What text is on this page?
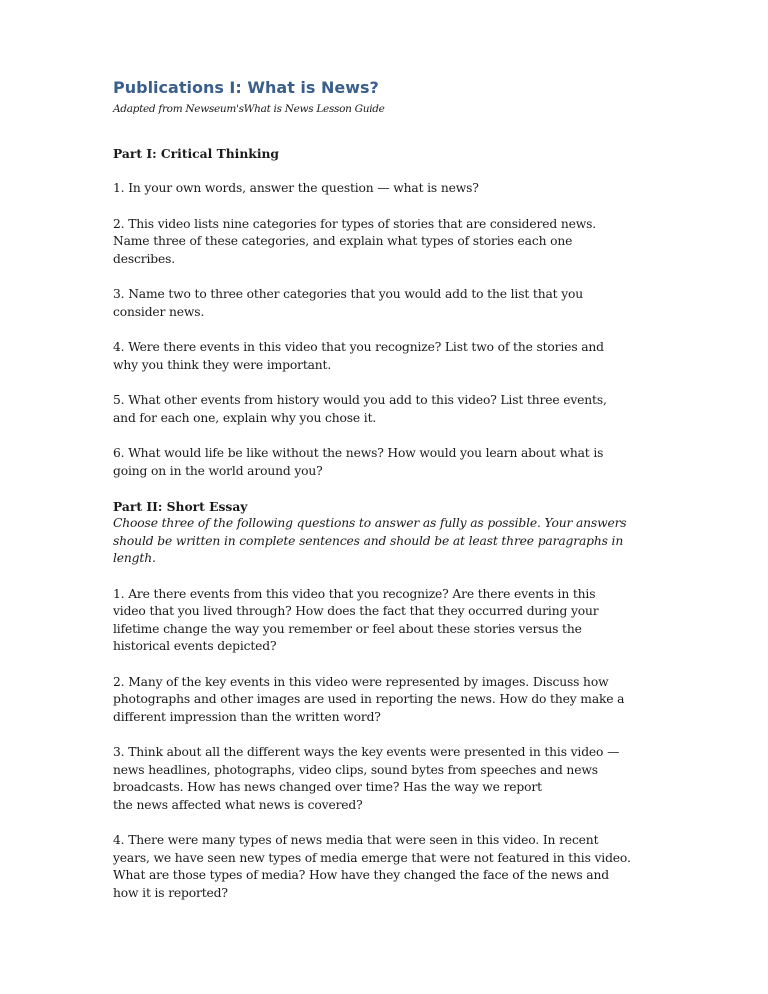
Publications I: What is News?

Adapted from Newseum'sWhat is News Lesson Guide

Part I: Critical Thinking

1. In your own words, answer the question — what is news?

2. This video lists nine categories for types of stories that are considered news.
Name three of these categories, and explain what types of stories each one
describes.

3. Name two to three other categories that you would add to the list that you
consider news.

4. Were there events in this video that you recognize? List two of the stories and
why you think they were important.

5. What other events from history would you add to this video? List three events,
and for each one, explain why you chose it.

6. What would life be like without the news? How would you learn about what is
going on in the world around you?

Part II: Short Essay

Choose three of the following questions to answer as fully as possible. Your answers
should be written in complete sentences and should be at least three paragraphs in
length.

1. Are there events from this video that you recognize? Are there events in this
video that you lived through? How does the fact that they occurred during your
lifetime change the way you remember or feel about these stories versus the
historical events depicted?

2. Many of the key events in this video were represented by images. Discuss how
photographs and other images are used in reporting the news. How do they make a
different impression than the written word?

3. Think about all the different ways the key events were presented in this video —
news headlines, photographs, video clips, sound bytes from speeches and news
broadcasts. How has news changed over time? Has the way we report
the news affected what news is covered?

4. There were many types of news media that were seen in this video. In recent
years, we have seen new types of media emerge that were not featured in this video.
What are those types of media? How have they changed the face of the news and
how it is reported?
